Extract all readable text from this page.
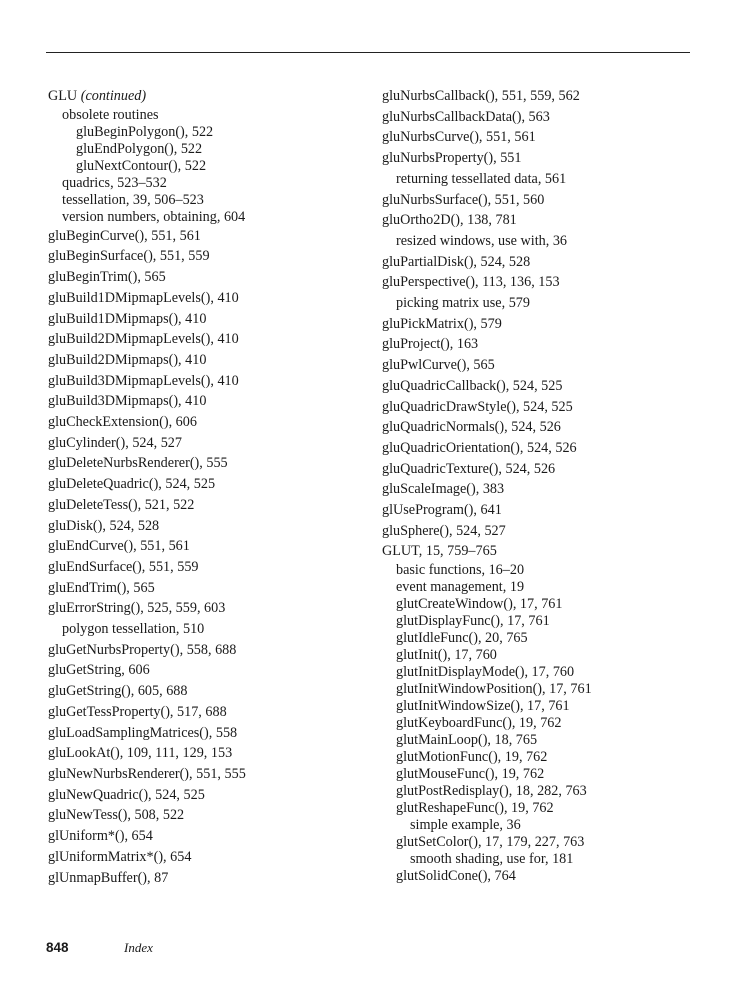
GLU (continued)
obsolete routines
gluBeginPolygon(), 522
gluEndPolygon(), 522
gluNextContour(), 522
quadrics, 523–532
tessellation, 39, 506–523
version numbers, obtaining, 604
gluBeginCurve(), 551, 561
gluBeginSurface(), 551, 559
gluBeginTrim(), 565
gluBuild1DMipmapLevels(), 410
gluBuild1DMipmaps(), 410
gluBuild2DMipmapLevels(), 410
gluBuild2DMipmaps(), 410
gluBuild3DMipmapLevels(), 410
gluBuild3DMipmaps(), 410
gluCheckExtension(), 606
gluCylinder(), 524, 527
gluDeleteNurbsRenderer(), 555
gluDeleteQuadric(), 524, 525
gluDeleteTess(), 521, 522
gluDisk(), 524, 528
gluEndCurve(), 551, 561
gluEndSurface(), 551, 559
gluEndTrim(), 565
gluErrorString(), 525, 559, 603
polygon tessellation, 510
gluGetNurbsProperty(), 558, 688
gluGetString, 606
gluGetString(), 605, 688
gluGetTessProperty(), 517, 688
gluLoadSamplingMatrices(), 558
gluLookAt(), 109, 111, 129, 153
gluNewNurbsRenderer(), 551, 555
gluNewQuadric(), 524, 525
gluNewTess(), 508, 522
glUniform*(), 654
glUniformMatrix*(), 654
glUnmapBuffer(), 87
gluNurbsCallback(), 551, 559, 562
gluNurbsCallbackData(), 563
gluNurbsCurve(), 551, 561
gluNurbsProperty(), 551
returning tessellated data, 561
gluNurbsSurface(), 551, 560
gluOrtho2D(), 138, 781
resized windows, use with, 36
gluPartialDisk(), 524, 528
gluPerspective(), 113, 136, 153
picking matrix use, 579
gluPickMatrix(), 579
gluProject(), 163
gluPwlCurve(), 565
gluQuadricCallback(), 524, 525
gluQuadricDrawStyle(), 524, 525
gluQuadricNormals(), 524, 526
gluQuadricOrientation(), 524, 526
gluQuadricTexture(), 524, 526
gluScaleImage(), 383
glUseProgram(), 641
gluSphere(), 524, 527
GLUT, 15, 759–765
basic functions, 16–20
event management, 19
glutCreateWindow(), 17, 761
glutDisplayFunc(), 17, 761
glutIdleFunc(), 20, 765
glutInit(), 17, 760
glutInitDisplayMode(), 17, 760
glutInitWindowPosition(), 17, 761
glutInitWindowSize(), 17, 761
glutKeyboardFunc(), 19, 762
glutMainLoop(), 18, 765
glutMotionFunc(), 19, 762
glutMouseFunc(), 19, 762
glutPostRedisplay(), 18, 282, 763
glutReshapeFunc(), 19, 762
simple example, 36
glutSetColor(), 17, 179, 227, 763
smooth shading, use for, 181
glutSolidCone(), 764
848	Index
